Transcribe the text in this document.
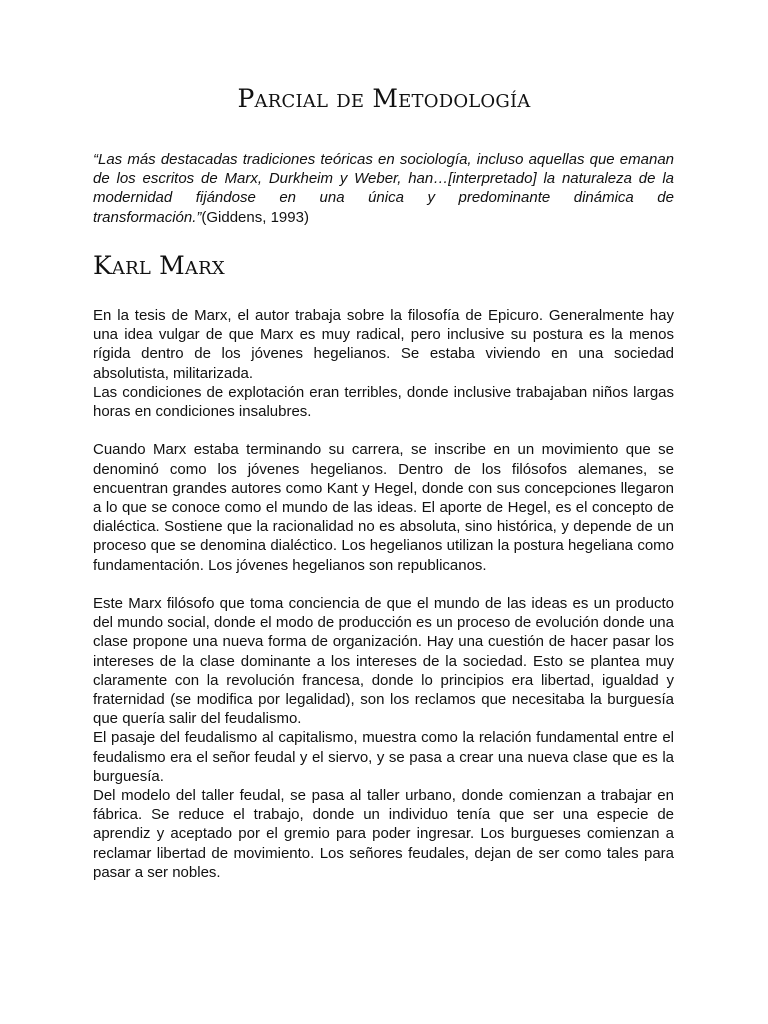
Parcial de Metodología

“Las más destacadas tradiciones teóricas en sociología, incluso aquellas que emanan de los escritos de Marx, Durkheim y Weber, han…[interpretado] la naturaleza de la modernidad fijándose en una única y predominante dinámica de transformación.”(Giddens, 1993)

Karl Marx

En la tesis de Marx, el autor trabaja sobre la filosofía de Epicuro. Generalmente hay una idea vulgar de que Marx es muy radical, pero inclusive su postura es la menos rígida dentro de los jóvenes hegelianos. Se estaba viviendo en una sociedad absolutista, militarizada.

Las condiciones de explotación eran terribles, donde inclusive trabajaban niños largas horas en condiciones insalubres.

Cuando Marx estaba terminando su carrera, se inscribe en un movimiento que se denominó como los jóvenes hegelianos. Dentro de los filósofos alemanes, se encuentran grandes autores como Kant y Hegel, donde con sus concepciones llegaron a lo que se conoce como el mundo de las ideas. El aporte de Hegel, es el concepto de dialéctica. Sostiene que la racionalidad no es absoluta, sino histórica, y depende de un proceso que se denomina dialéctico. Los hegelianos utilizan la postura hegeliana como fundamentación. Los jóvenes hegelianos son republicanos.

Este Marx filósofo que toma conciencia de que el mundo de las ideas es un producto del mundo social, donde el modo de producción es un proceso de evolución donde una clase propone una nueva forma de organización. Hay una cuestión de hacer pasar los intereses de la clase dominante a los intereses de la sociedad. Esto se plantea muy claramente con la revolución francesa, donde lo principios era libertad, igualdad y fraternidad (se modifica por legalidad), son los reclamos que necesitaba la burguesía que quería salir del feudalismo.

El pasaje del feudalismo al capitalismo, muestra como la relación fundamental entre el feudalismo era el señor feudal y el siervo, y se pasa a crear una nueva clase que es la burguesía.

Del modelo del taller feudal, se pasa al taller urbano, donde comienzan a trabajar en fábrica. Se reduce el trabajo, donde un individuo tenía que ser una especie de aprendiz y aceptado por el gremio para poder ingresar. Los burgueses comienzan a reclamar libertad de movimiento. Los señores feudales, dejan de ser como tales para pasar a ser nobles.
